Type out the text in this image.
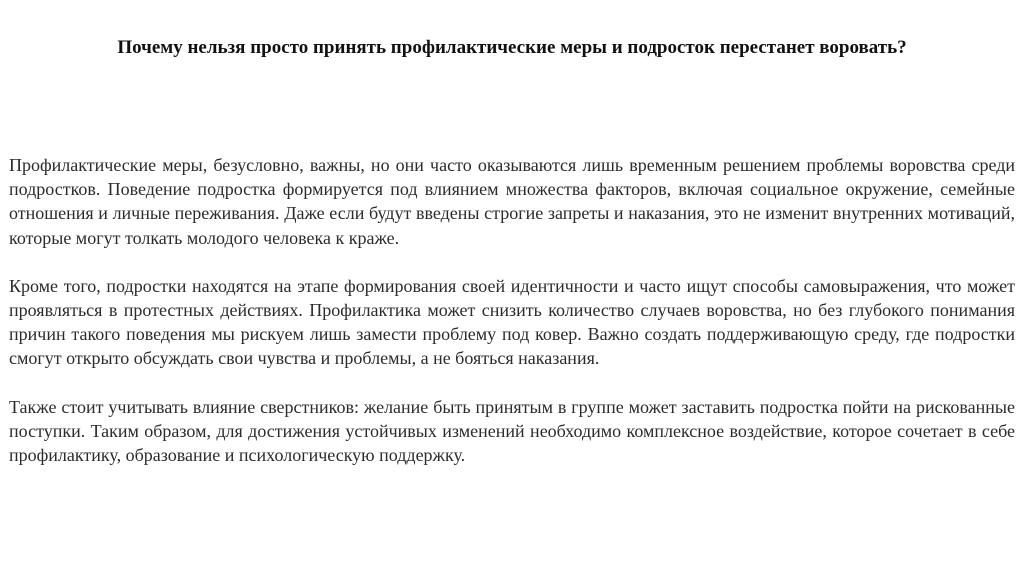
Почему нельзя просто принять профилактические меры и подросток перестанет воровать?

Профилактические меры, безусловно, важны, но они часто оказываются лишь временным решением проблемы воровства среди подростков. Поведение подростка формируется под влиянием множества факторов, включая социальное окружение, семейные отношения и личные переживания. Даже если будут введены строгие запреты и наказания, это не изменит внутренних мотиваций, которые могут толкать молодого человека к краже.

Кроме того, подростки находятся на этапе формирования своей идентичности и часто ищут способы самовыражения, что может проявляться в протестных действиях. Профилактика может снизить количество случаев воровства, но без глубокого понимания причин такого поведения мы рискуем лишь замести проблему под ковер. Важно создать поддерживающую среду, где подростки смогут открыто обсуждать свои чувства и проблемы, а не бояться наказания.

Также стоит учитывать влияние сверстников: желание быть принятым в группе может заставить подростка пойти на рискованные поступки. Таким образом, для достижения устойчивых изменений необходимо комплексное воздействие, которое сочетает в себе профилактику, образование и психологическую поддержку.
